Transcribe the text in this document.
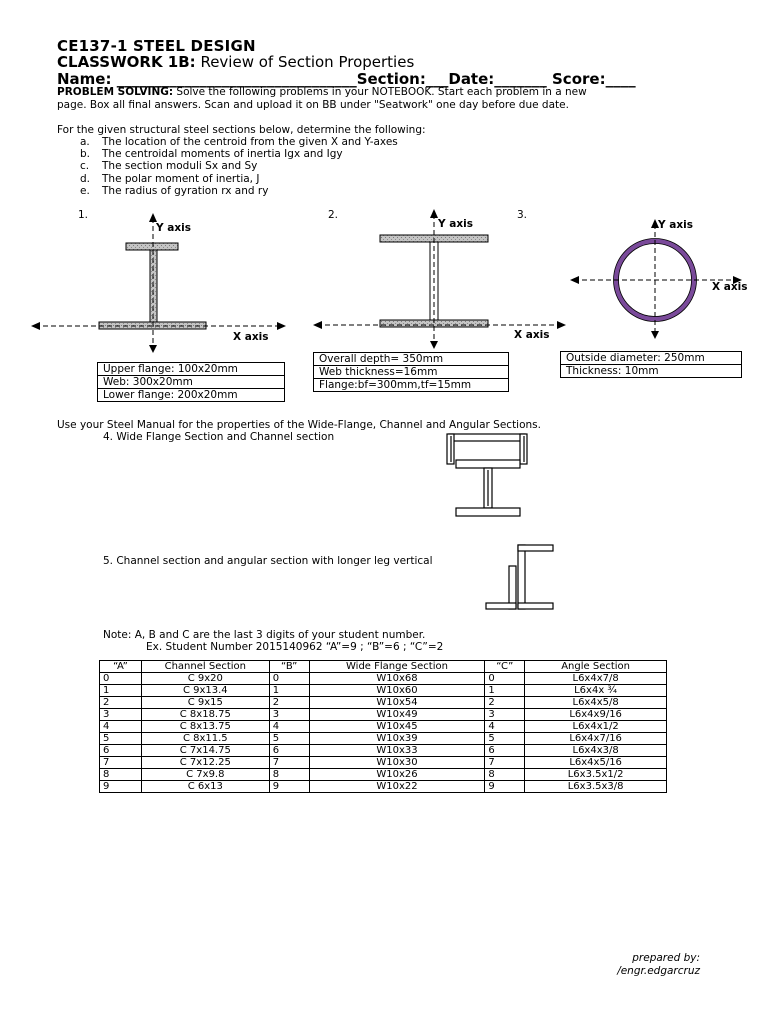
CE137-1 STEEL DESIGN
CLASSWORK 1B: Review of Section Properties
Name: ________________________________Section:___Date:_______ Score:____
PROBLEM SOLVING: Solve the following problems in your NOTEBOOK. Start each problem in a new
page. Box all final answers. Scan and upload it on BB under "Seatwork" one day before due date.
For the given structural steel sections below, determine the following:
a. The location of the centroid from the given X and Y-axes
b. The centroidal moments of inertia Igx and Igy
c. The section moduli Sx and Sy
d. The polar moment of inertia, J
e. The radius of gyration rx and ry
1.	2.	3.
Y axis
X axis
Y axis
X axis
Y axis
X axis
Upper flange: 100x20mm
Web: 300x20mm
Lower flange: 200x20mm
Overall depth= 350mm
Web thickness=16mm
Flange:bf=300mm,tf=15mm
Outside diameter: 250mm
Thickness: 10mm
Use your Steel Manual for the properties of the Wide-Flange, Channel and Angular Sections.
4. Wide Flange Section and Channel section
5. Channel section and angular section with longer leg vertical
Note: A, B and C are the last 3 digits of your student number.
Ex. Student Number 2015140962 “A”=9 ; “B”=6 ; “C”=2
“A”	Channel Section	“B”	Wide Flange Section	“C”	Angle Section
0	C 9x20	0	W10x68	0	L6x4x7/8
1	C 9x13.4	1	W10x60	1	L6x4x ¾
2	C 9x15	2	W10x54	2	L6x4x5/8
3	C 8x18.75	3	W10x49	3	L6x4x9/16
4	C 8x13.75	4	W10x45	4	L6x4x1/2
5	C 8x11.5	5	W10x39	5	L6x4x7/16
6	C 7x14.75	6	W10x33	6	L6x4x3/8
7	C 7x12.25	7	W10x30	7	L6x4x5/16
8	C 7x9.8	8	W10x26	8	L6x3.5x1/2
9	C 6x13	9	W10x22	9	L6x3.5x3/8
prepared by:
/engr.edgarcruz
